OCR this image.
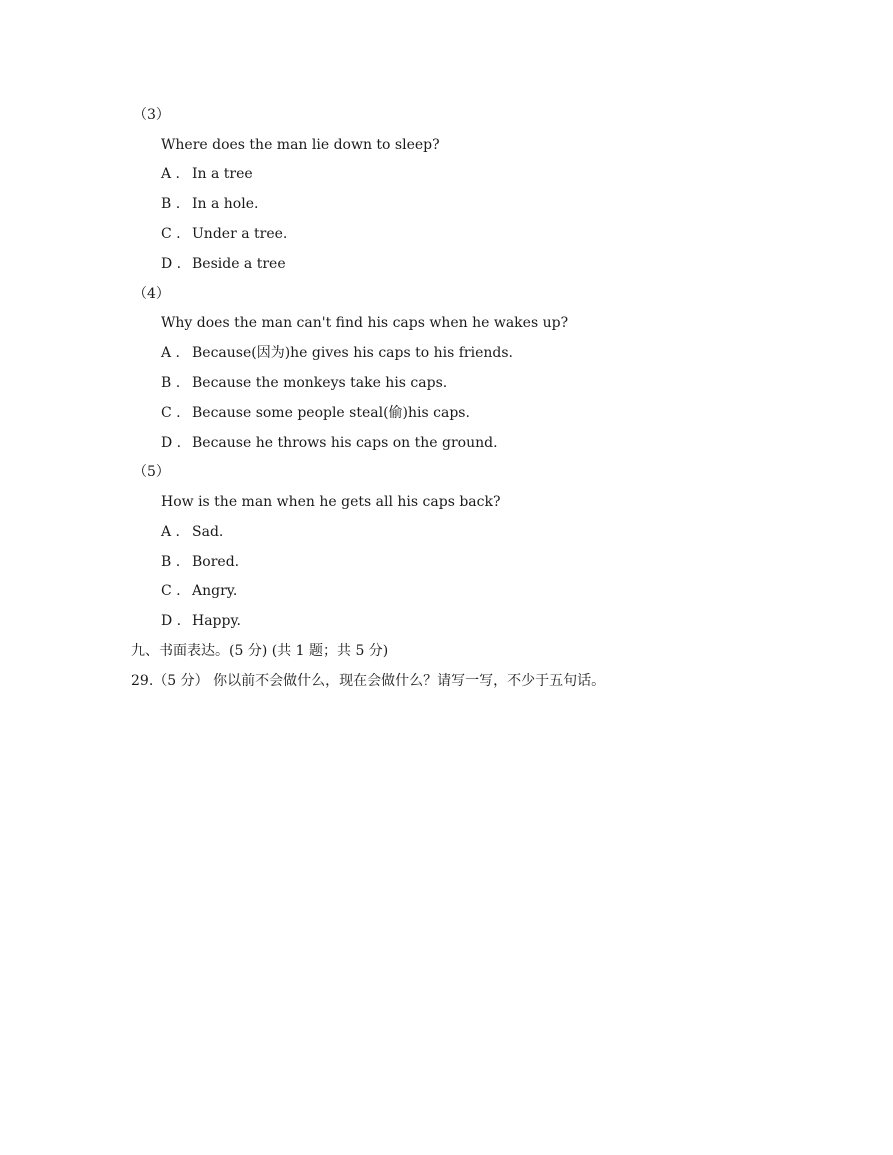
（3）
Where does the man lie down to sleep?
A . In a tree
B . In a hole.
C . Under a tree.
D . Beside a tree
（4）
Why does the man can't find his caps when he wakes up?
A . Because(因为)he gives his caps to his friends.
B . Because the monkeys take his caps.
C . Because some people steal(偷)his caps.
D . Because he throws his caps on the ground.
（5）
How is the man when he gets all his caps back?
A . Sad.
B . Bored.
C . Angry.
D . Happy.
九、书面表达。(5 分) (共 1 题；共 5 分)
29.（5 分） 你以前不会做什么，现在会做什么？请写一写，不少于五句话。
